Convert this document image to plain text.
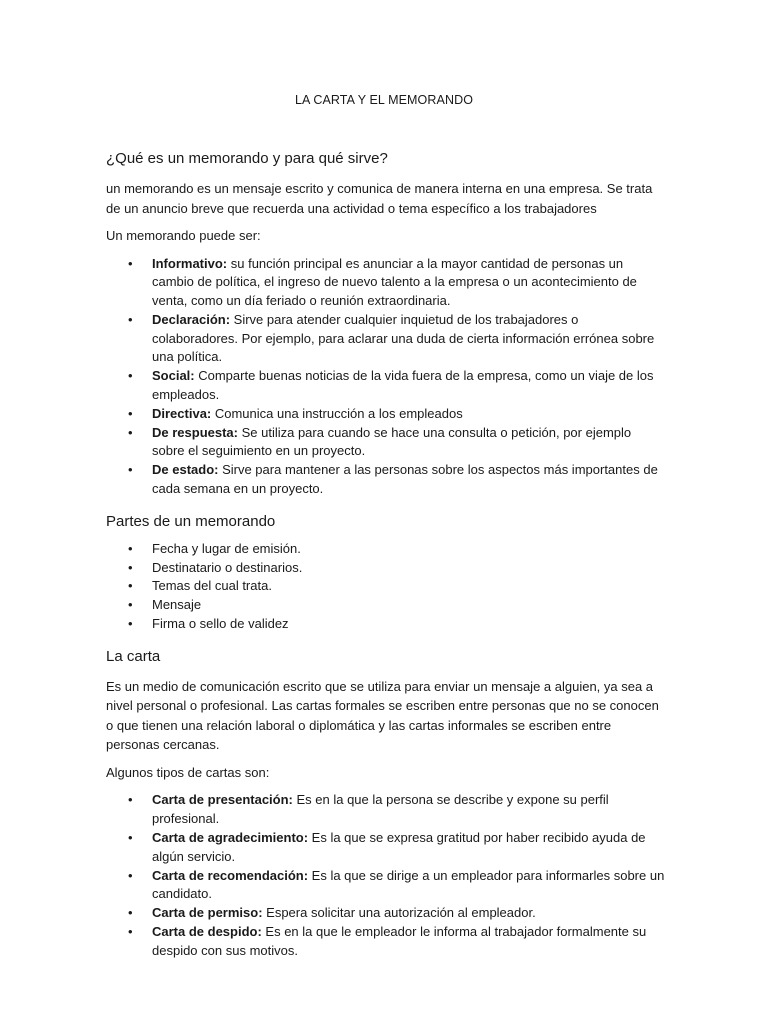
LA CARTA Y EL MEMORANDO
¿Qué es un memorando y para qué sirve?

un memorando es un mensaje escrito y comunica de manera interna en una empresa. Se trata de un anuncio breve que recuerda una actividad o tema específico a los trabajadores

Un memorando puede ser:

• Informativo: su función principal es anunciar a la mayor cantidad de personas un cambio de política, el ingreso de nuevo talento a la empresa o un acontecimiento de venta, como un día feriado o reunión extraordinaria.
• Declaración: Sirve para atender cualquier inquietud de los trabajadores o colaboradores. Por ejemplo, para aclarar una duda de cierta información errónea sobre una política.
• Social: Comparte buenas noticias de la vida fuera de la empresa, como un viaje de los empleados.
• Directiva: Comunica una instrucción a los empleados
• De respuesta: Se utiliza para cuando se hace una consulta o petición, por ejemplo sobre el seguimiento en un proyecto.
• De estado: Sirve para mantener a las personas sobre los aspectos más importantes de cada semana en un proyecto.
Partes de un memorando
• Fecha y lugar de emisión.
• Destinatario o destinarios.
• Temas del cual trata.
• Mensaje
• Firma o sello de validez
La carta

Es un medio de comunicación escrito que se utiliza para enviar un mensaje a alguien, ya sea a nivel personal o profesional. Las cartas formales se escriben entre personas que no se conocen o que tienen una relación laboral o diplomática y las cartas informales se escriben entre personas cercanas.

Algunos tipos de cartas son:

• Carta de presentación: Es en la que la persona se describe y expone su perfil profesional.
• Carta de agradecimiento: Es la que se expresa gratitud por haber recibido ayuda de algún servicio.
• Carta de recomendación: Es la que se dirige a un empleador para informarles sobre un candidato.
• Carta de permiso: Espera solicitar una autorización al empleador.
• Carta de despido: Es en la que le empleador le informa al trabajador formalmente su despido con sus motivos.
